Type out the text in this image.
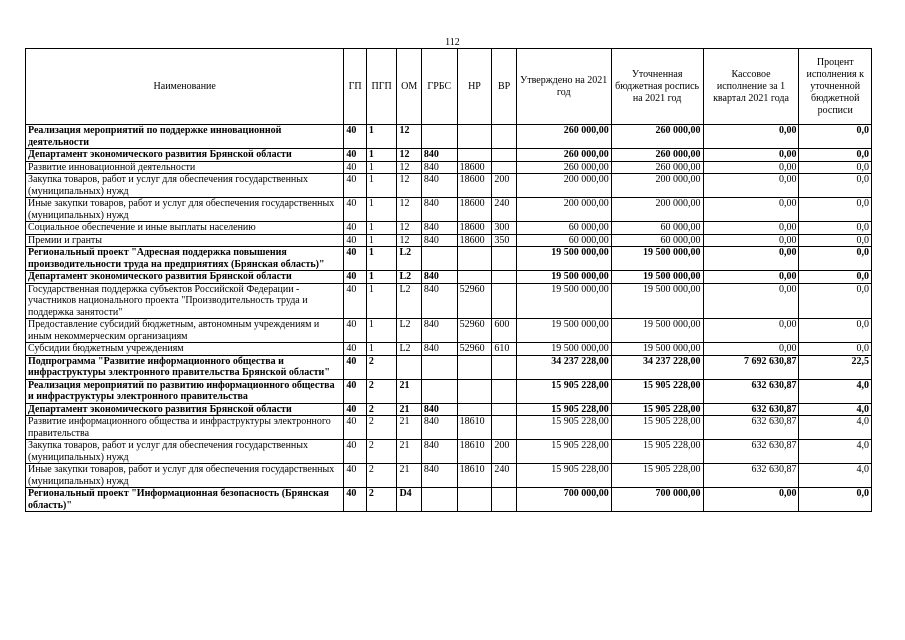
112
Наименование	ГП	ПГП	ОМ	ГРБС	НР	ВР	Утверждено на 2021 год	Уточненная бюджетная роспись на 2021 год	Кассовое исполнение за 1 квартал 2021 года	Процент исполнения к уточненной бюджетной росписи
Реализация мероприятий по поддержке инновационной деятельности	40	1	12				260 000,00	260 000,00	0,00	0,0
Департамент экономического развития Брянской области	40	1	12	840			260 000,00	260 000,00	0,00	0,0
Развитие инновационной деятельности	40	1	12	840	18600		260 000,00	260 000,00	0,00	0,0
Закупка товаров, работ и услуг для обеспечения государственных (муниципальных) нужд	40	1	12	840	18600	200	200 000,00	200 000,00	0,00	0,0
Иные закупки товаров, работ и услуг для обеспечения государственных (муниципальных) нужд	40	1	12	840	18600	240	200 000,00	200 000,00	0,00	0,0
Социальное обеспечение и иные выплаты населению	40	1	12	840	18600	300	60 000,00	60 000,00	0,00	0,0
Премии и гранты	40	1	12	840	18600	350	60 000,00	60 000,00	0,00	0,0
Региональный проект "Адресная поддержка повышения производительности труда на предприятиях (Брянская область)"	40	1	L2				19 500 000,00	19 500 000,00	0,00	0,0
Департамент экономического развития Брянской области	40	1	L2	840			19 500 000,00	19 500 000,00	0,00	0,0
Государственная поддержка субъектов Российской Федерации - участников национального проекта "Производительность труда и поддержка занятости"	40	1	L2	840	52960		19 500 000,00	19 500 000,00	0,00	0,0
Предоставление субсидий бюджетным, автономным учреждениям и иным некоммерческим организациям	40	1	L2	840	52960	600	19 500 000,00	19 500 000,00	0,00	0,0
Субсидии бюджетным учреждениям	40	1	L2	840	52960	610	19 500 000,00	19 500 000,00	0,00	0,0
Подпрограмма "Развитие информационного общества и инфраструктуры электронного правительства Брянской области"	40	2					34 237 228,00	34 237 228,00	7 692 630,87	22,5
Реализация мероприятий по развитию информационного общества и инфраструктуры электронного правительства	40	2	21				15 905 228,00	15 905 228,00	632 630,87	4,0
Департамент экономического развития Брянской области	40	2	21	840			15 905 228,00	15 905 228,00	632 630,87	4,0
Развитие информационного общества и инфраструктуры электронного правительства	40	2	21	840	18610		15 905 228,00	15 905 228,00	632 630,87	4,0
Закупка товаров, работ и услуг для обеспечения государственных (муниципальных) нужд	40	2	21	840	18610	200	15 905 228,00	15 905 228,00	632 630,87	4,0
Иные закупки товаров, работ и услуг для обеспечения государственных (муниципальных) нужд	40	2	21	840	18610	240	15 905 228,00	15 905 228,00	632 630,87	4,0
Региональный проект "Информационная безопасность (Брянская область)"	40	2	D4				700 000,00	700 000,00	0,00	0,0
